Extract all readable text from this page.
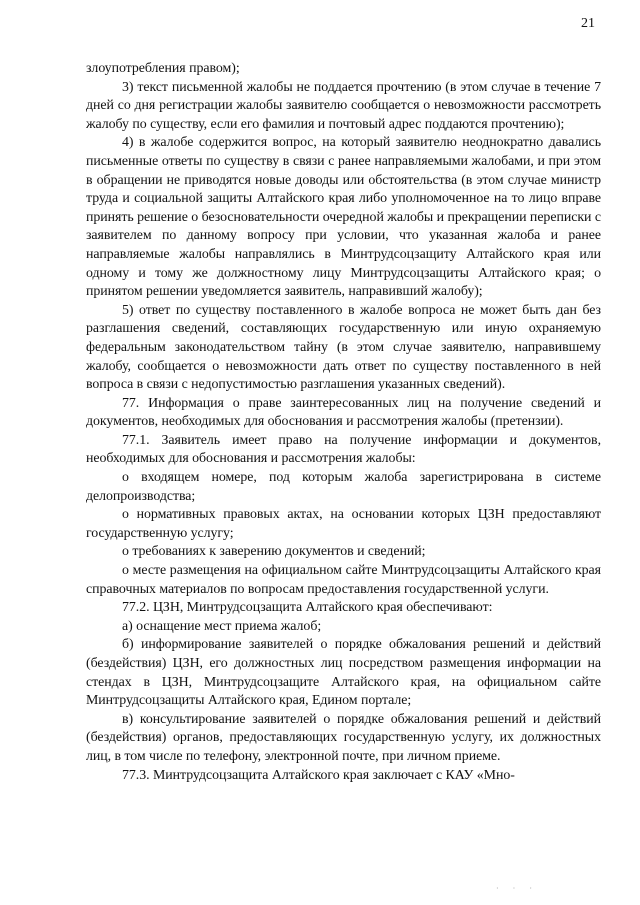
21

злоупотребления правом);

3) текст письменной жалобы не поддается прочтению (в этом случае в течение 7 дней со дня регистрации жалобы заявителю сообщается о невозможности рассмотреть жалобу по существу, если его фамилия и почтовый адрес поддаются прочтению);

4) в жалобе содержится вопрос, на который заявителю неоднократно давались письменные ответы по существу в связи с ранее направляемыми жалобами, и при этом в обращении не приводятся новые доводы или обстоятельства (в этом случае министр труда и социальной защиты Алтайского края либо уполномоченное на то лицо вправе принять решение о безосновательности очередной жалобы и прекращении переписки с заявителем по данному вопросу при условии, что указанная жалоба и ранее направляемые жалобы направлялись в Минтрудсоцзащиту Алтайского края или одному и тому же должностному лицу Минтрудсоцзащиты Алтайского края; о принятом решении уведомляется заявитель, направивший жалобу);

5) ответ по существу поставленного в жалобе вопроса не может быть дан без разглашения сведений, составляющих государственную или иную охраняемую федеральным законодательством тайну (в этом случае заявителю, направившему жалобу, сообщается о невозможности дать ответ по существу поставленного в ней вопроса в связи с недопустимостью разглашения указанных сведений).

77. Информация о праве заинтересованных лиц на получение сведений и документов, необходимых для обоснования и рассмотрения жалобы (претензии).

77.1. Заявитель имеет право на получение информации и документов, необходимых для обоснования и рассмотрения жалобы:

о входящем номере, под которым жалоба зарегистрирована в системе делопроизводства;

о нормативных правовых актах, на основании которых ЦЗН предоставляют государственную услугу;

о требованиях к заверению документов и сведений;

о месте размещения на официальном сайте Минтрудсоцзащиты Алтайского края справочных материалов по вопросам предоставления государственной услуги.

77.2. ЦЗН, Минтрудсоцзащита Алтайского края обеспечивают:

а) оснащение мест приема жалоб;

б) информирование заявителей о порядке обжалования решений и действий (бездействия) ЦЗН, его должностных лиц посредством размещения информации на стендах в ЦЗН, Минтрудсоцзащите Алтайского края, на официальном сайте Минтрудсоцзащиты Алтайского края, Едином портале;

в) консультирование заявителей о порядке обжалования решений и действий (бездействия) органов, предоставляющих государственную услугу, их должностных лиц, в том числе по телефону, электронной почте, при личном приеме.

77.3. Минтрудсоцзащита Алтайского края заключает с КАУ «Мно-

· · ·
